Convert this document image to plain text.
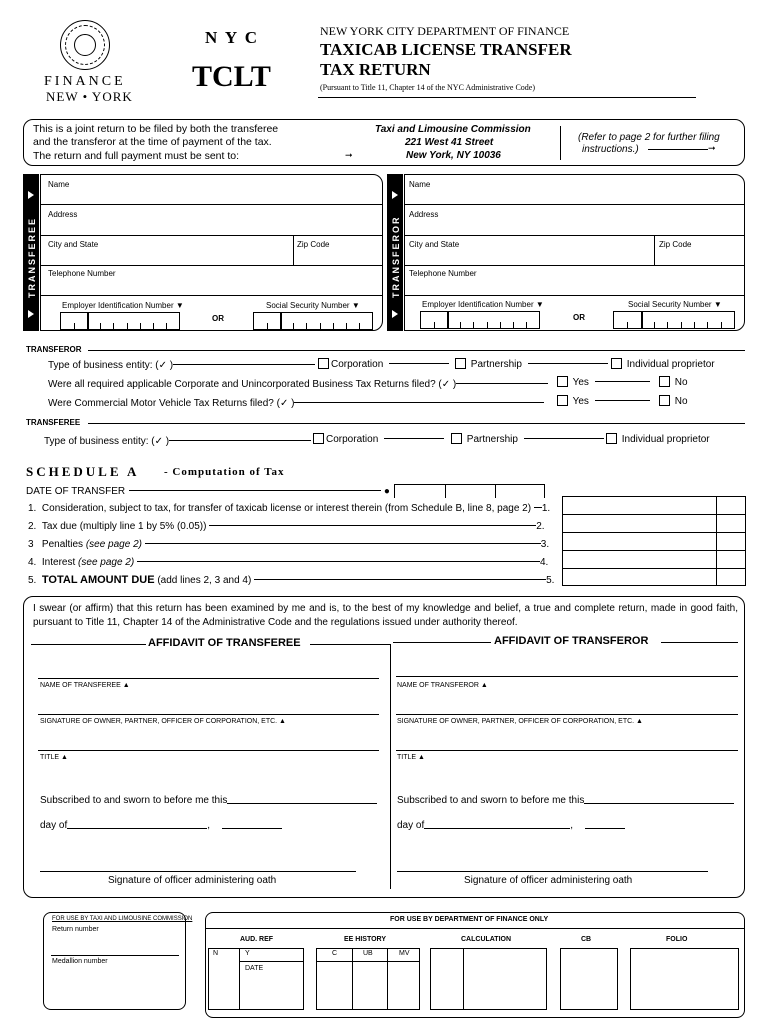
FINANCE
NEW • YORK
N Y C
TCLT
NEW YORK CITY DEPARTMENT OF FINANCE
TAXICAB LICENSE TRANSFER
TAX RETURN
(Pursuant to Title 11, Chapter 14 of the NYC Administrative Code)
This is a joint return to be filed by both the transferee
and the transferor at the time of payment of the tax.
The return and full payment must be sent to:	➞
Taxi and Limousine Commission
221 West 41 Street
New York, NY 10036
(Refer to page 2 for further filing
instructions.)	➞
TRANSFEREE
Name
Address
City and State	Zip Code
Telephone Number
Employer Identification Number ▼	Social Security Number ▼
OR
TRANSFEROR
Name
Address
City and State	Zip Code
Telephone Number
Employer Identification Number ▼	Social Security Number ▼
OR
TRANSFEROR
Type of business entity: (✓ )	Corporation	Partnership	Individual proprietor
Were all required applicable Corporate and Unincorporated Business Tax Returns filed? (✓ )	Yes	No
Were Commercial Motor Vehicle Tax Returns filed? (✓ )	Yes	No
TRANSFEREE
Type of business entity: (✓ )	Corporation	Partnership	Individual proprietor
SCHEDULE A - Computation of Tax
DATE OF TRANSFER	●
1. Consideration, subject to tax, for transfer of taxicab license or interest therein (from Schedule B, line 8, page 2) 1.
2. Tax due (multiply line 1 by 5% (0.05))	2.
3 Penalties (see page 2)	3.
4. Interest (see page 2)	4.
5. TOTAL AMOUNT DUE (add lines 2, 3 and 4)	5.
I swear (or affirm) that this return has been examined by me and is, to the best of my knowledge and belief, a true and complete return, made in good faith, pursuant to Title 11, Chapter 14 of the Administrative Code and the regulations issued under authority thereof.
AFFIDAVIT OF TRANSFEREE	AFFIDAVIT OF TRANSFEROR
NAME OF TRANSFEREE ▲
SIGNATURE OF OWNER, PARTNER, OFFICER OF CORPORATION, ETC. ▲
TITLE ▲
Subscribed to and sworn to before me this
day of	,
Signature of officer administering oath
NAME OF TRANSFEROR ▲
SIGNATURE OF OWNER, PARTNER, OFFICER OF CORPORATION, ETC. ▲
TITLE ▲
Subscribed to and sworn to before me this
day of	,
Signature of officer administering oath
FOR USE BY TAXI AND LIMOUSINE COMMISSION
Return number
Medallion number
FOR USE BY DEPARTMENT OF FINANCE ONLY
AUD. REF	EE HISTORY	CALCULATION	CB	FOLIO
N	Y
DATE
C	UB	MV
